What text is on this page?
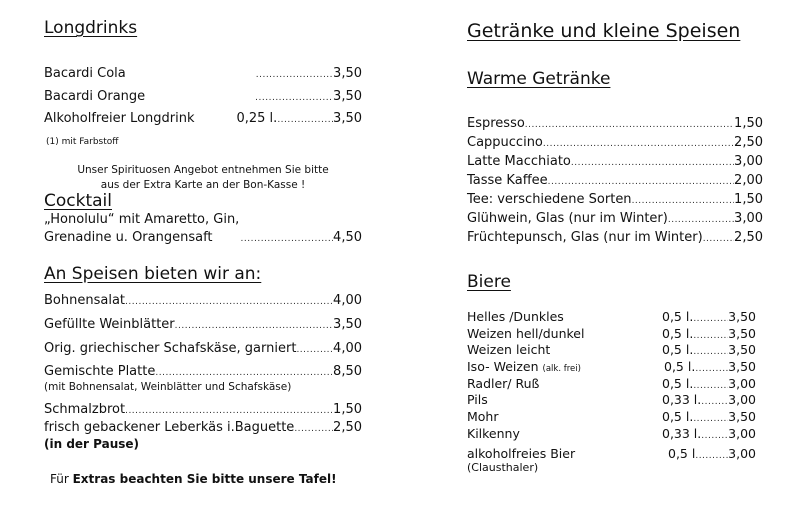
Longdrinks
Bacardi Cola .....	3,50
Bacardi Orange .....	3,50
Alkoholfreier Longdrink	0,25 l. .....	3,50
(1) mit Farbstoff
Unser Spirituosen Angebot entnehmen Sie bitte
aus der Extra Karte an der Bon-Kasse !
Cocktail
„Honolulu“ mit Amaretto, Gin,
Grenadine u. Orangensaft .....	4,50
An Speisen bieten wir an:
Bohnensalat .....	4,00
Gefüllte Weinblätter .....	3,50
Orig. griechischer Schafskäse, garniert .....	4,00
Gemischte Platte .....	8,50
(mit Bohnensalat, Weinblätter und Schafskäse)
Schmalzbrot .....	1,50
frisch gebackener Leberkäs i.Baguette .....	2,50
(in der Pause)
Für Extras beachten Sie bitte unsere Tafel!
Getränke und kleine Speisen
Warme Getränke
Espresso .....	1,50
Cappuccino .....	2,50
Latte Macchiato .....	3,00
Tasse Kaffee .....	2,00
Tee: verschiedene Sorten .....	1,50
Glühwein, Glas (nur im Winter) .....	3,00
Früchtepunsch, Glas (nur im Winter) ..... 2,50
Biere
Helles /Dunkles	0,5 l. .....	3,50
Weizen hell/dunkel	0,5 l. .....	3,50
Weizen leicht	0,5 l. .....	3,50
Iso- Weizen (alk. frei)	0,5 l. .....	3,50
Radler/ Ruß	0,5 l. .....	3,00
Pils	0,33 l. ..... 3,00
Mohr	0,5 l. .....	3,50
Kilkenny	0,33 l. ..... 3,00
alkoholfreies Bier	0,5 l .....	3,00
(Clausthaler)
